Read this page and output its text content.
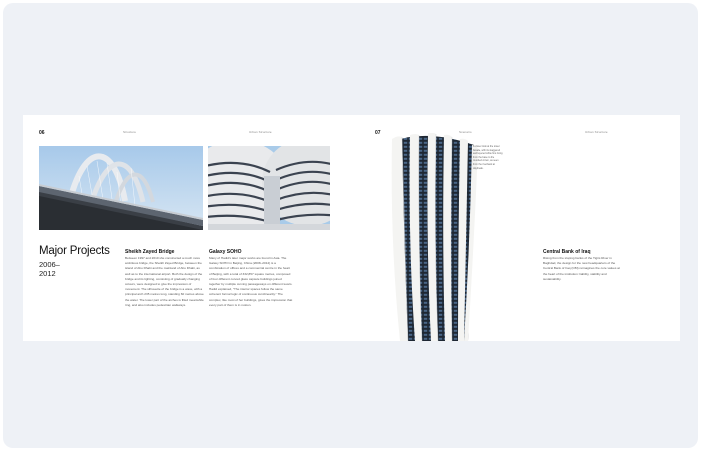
06	Structure	Urban Structure
Major Projects
2006–
2012
Sheikh Zayed Bridge
Between 1997 and 2010 she constructed a much more ambitious bridge, the Sheikh Zayed Bridge, between the island of Abu Dhabi and the mainland of Abu Dhabi, as well as to the international airport. Both the design of the bridge and its lighting, consisting of gradually changing colours, were designed to give the impression of movement. The silhouette of the bridge is a wave, with a principal arch 235 metres long, standing 60 metres above the water. The lower part of the arches is filled meanwhile ring, and also includes pedestrian walkways.
Galaxy SOHO
Many of Hadid's later major works are found in Asia. The Galaxy SOHO in Beijing, China (2008–2012) is a combination of offices and a commercial centre in the heart of Beijing, with a total of 332,857 square metres, composed of four different curved glass capsule buildings joined together by multiple curving passageways on different levels. Hadid explained, "The interior spaces follow the same coherent formal logic of continuous curvilinearity." The complex, like most of her buildings, gives the impression that every part of them is in motion.
07	Scenario	Urban Structure
A closer look at the tower facade, with its staggered and layered white fins rising from the base to the rounded crown, as seen from the riverbank at daybreak.
Central Bank of Iraq
Rising from the sloping banks of the Tigris River in Baghdad, the design for the new headquarters of the Central Bank of Iraq (CBI) reimagines the core values at the heart of the institution: liability, stability and sustainability.
